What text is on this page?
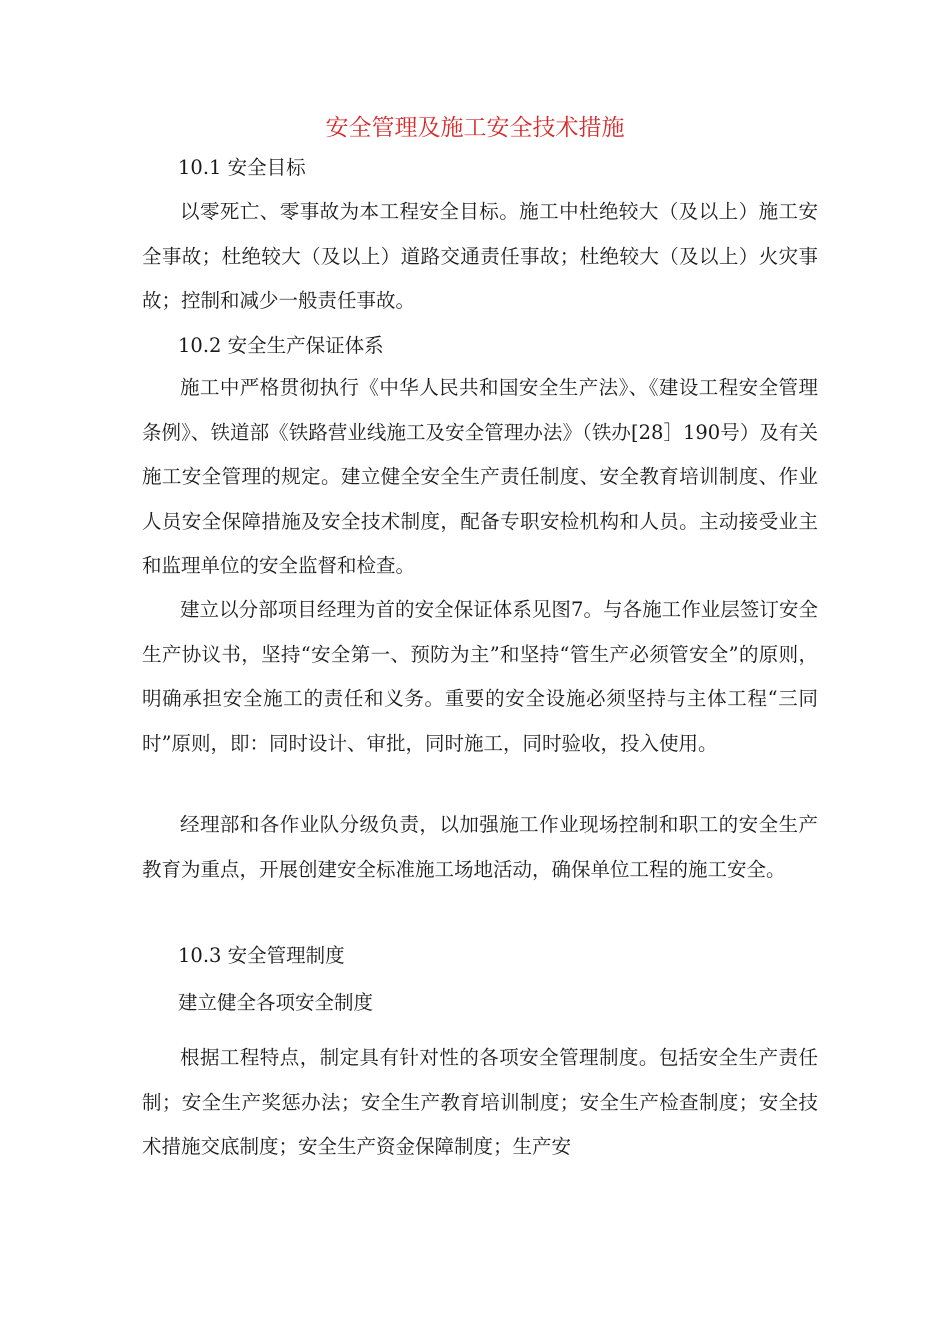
安全管理及施工安全技术措施
10.1 安全目标
以零死亡、零事故为本工程安全目标。施工中杜绝较大（及以上）施工安全事故；杜绝较大（及以上）道路交通责任事故；杜绝较大（及以上）火灾事故；控制和减少一般责任事故。
10.2 安全生产保证体系
施工中严格贯彻执行《中华人民共和国安全生产法》、《建设工程安全管理条例》、铁道部《铁路营业线施工及安全管理办法》（铁办[28］190号）及有关施工安全管理的规定。建立健全安全生产责任制度、安全教育培训制度、作业人员安全保障措施及安全技术制度，配备专职安检机构和人员。主动接受业主和监理单位的安全监督和检查。
建立以分部项目经理为首的安全保证体系见图7。与各施工作业层签订安全生产协议书，坚持“安全第一、预防为主”和坚持“管生产必须管安全”的原则，明确承担安全施工的责任和义务。重要的安全设施必须坚持与主体工程“三同时”原则，即：同时设计、审批，同时施工，同时验收，投入使用。
经理部和各作业队分级负责，以加强施工作业现场控制和职工的安全生产教育为重点，开展创建安全标准施工场地活动，确保单位工程的施工安全。
10.3 安全管理制度
建立健全各项安全制度
根据工程特点，制定具有针对性的各项安全管理制度。包括安全生产责任制；安全生产奖惩办法；安全生产教育培训制度；安全生产检查制度；安全技术措施交底制度；安全生产资金保障制度；生产安
